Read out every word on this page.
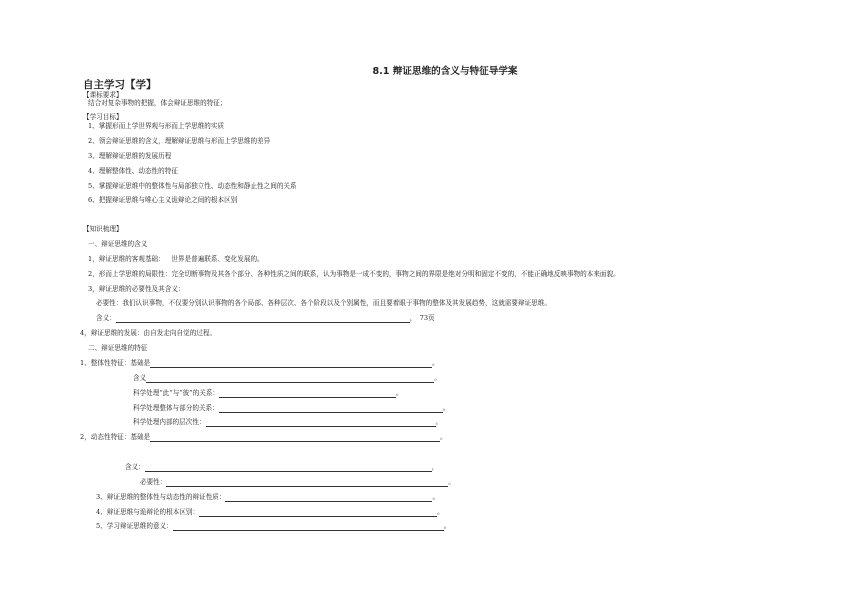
8.1 辩证思维的含义与特征导学案
自主学习【学】
【课标要求】
结合对复杂事物的把握，体会辩证思维的特征；
【学习目标】
1、掌握形而上学世界观与形而上学思维的实质
2、领会辩证思维的含义，理解辩证思维与形而上学思维的差异
3、理解辩证思维的发展历程
4、理解整体性、动态性的特征
5、掌握辩证思维中的整体性与局部独立性、动态性和静止性之间的关系
6、把握辩证思维与唯心主义诡辩论之间的根本区别
【知识梳理】
一、辩证思维的含义
1，辩证思维的客观基础：  世界是普遍联系、变化发展的。
2，形而上学思维的局限性：完全切断事物及其各个部分、各种性质之间的联系，认为事物是一成不变的，事物之间的界限是绝对分明和固定不变的，不能正确地反映事物的本来面貌。
3，辩证思维的必要性及其含义：
必要性：我们认识事物，不仅要分别认识事物的各个局部、各种层次、各个阶段以及个别属性，而且要着眼于事物的整体及其发展趋势，这就需要辩证思维。
含义：	，　73页
4，辩证思维的发展：由自发走向自觉的过程。
二、辩证思维的特征
1、整体性特征：基础是	。
含义	。
科学处理“此”与“彼”的关系：	。
科学处理整体与部分的关系：	。
科学处理内部的层次性：	。
2，动态性特征：基础是	。
含义：	，
必要性：	。
3、辩证思维的整体性与动态性的辩证性质：	。
4、辩证思维与诡辩论的根本区别：	。
5、学习辩证思维的意义：	。
